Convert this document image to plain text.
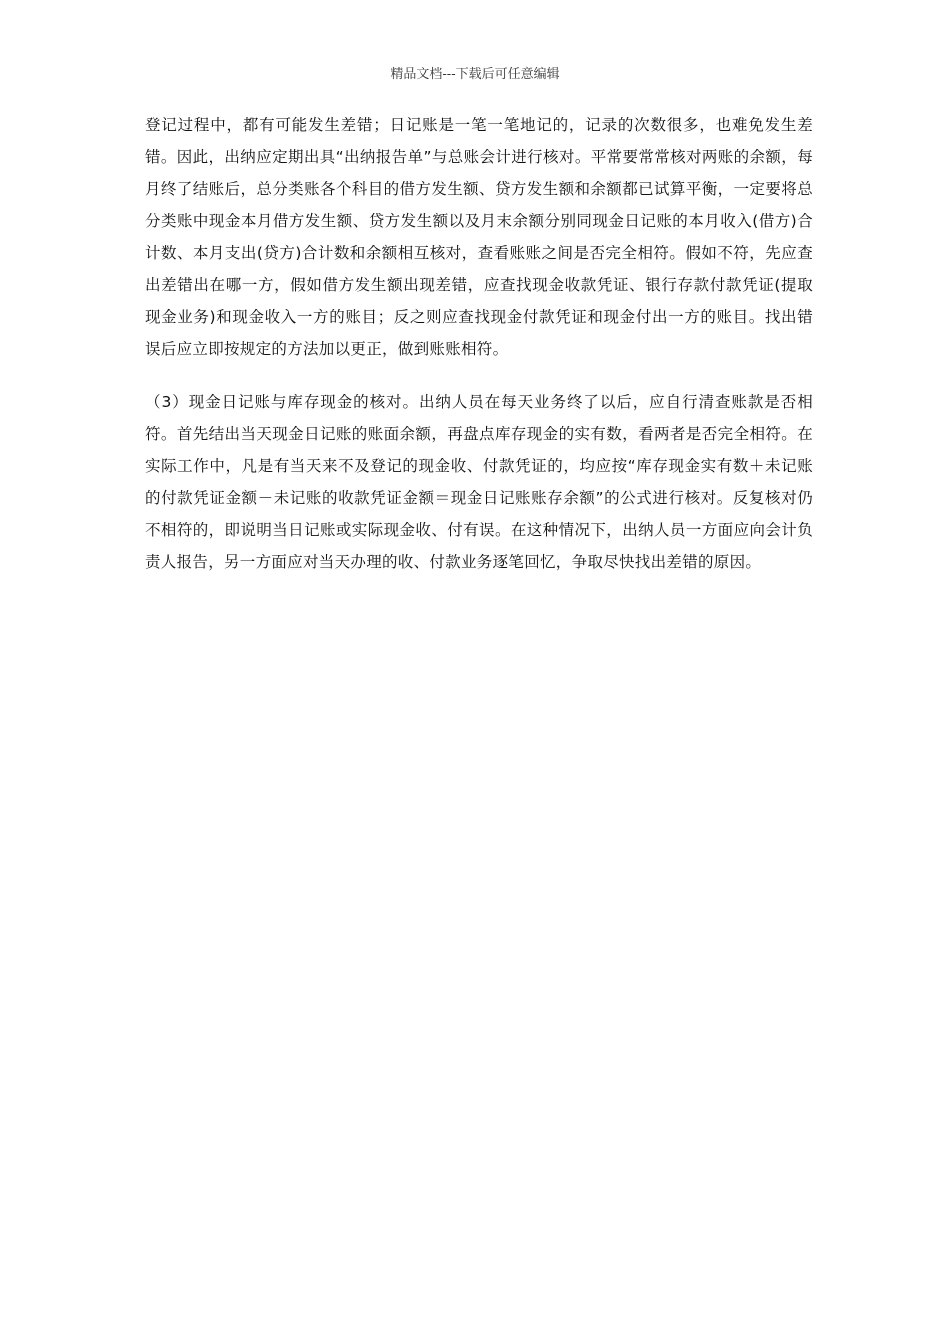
精品文档---下载后可任意编辑

登记过程中，都有可能发生差错；日记账是一笔一笔地记的，记录的次数很多，也难免发生差错。因此，出纳应定期出具“出纳报告单”与总账会计进行核对。平常要常常核对两账的余额，每月终了结账后，总分类账各个科目的借方发生额、贷方发生额和余额都已试算平衡，一定要将总分类账中现金本月借方发生额、贷方发生额以及月末余额分别同现金日记账的本月收入(借方)合计数、本月支出(贷方)合计数和余额相互核对，查看账账之间是否完全相符。假如不符，先应查出差错出在哪一方，假如借方发生额出现差错，应查找现金收款凭证、银行存款付款凭证(提取现金业务)和现金收入一方的账目；反之则应查找现金付款凭证和现金付出一方的账目。找出错误后应立即按规定的方法加以更正，做到账账相符。

（3）现金日记账与库存现金的核对。出纳人员在每天业务终了以后，应自行清查账款是否相符。首先结出当天现金日记账的账面余额，再盘点库存现金的实有数，看两者是否完全相符。在实际工作中，凡是有当天来不及登记的现金收、付款凭证的，均应按“库存现金实有数＋未记账的付款凭证金额－未记账的收款凭证金额＝现金日记账账存余额”的公式进行核对。反复核对仍不相符的，即说明当日记账或实际现金收、付有误。在这种情况下，出纳人员一方面应向会计负责人报告，另一方面应对当天办理的收、付款业务逐笔回忆，争取尽快找出差错的原因。
